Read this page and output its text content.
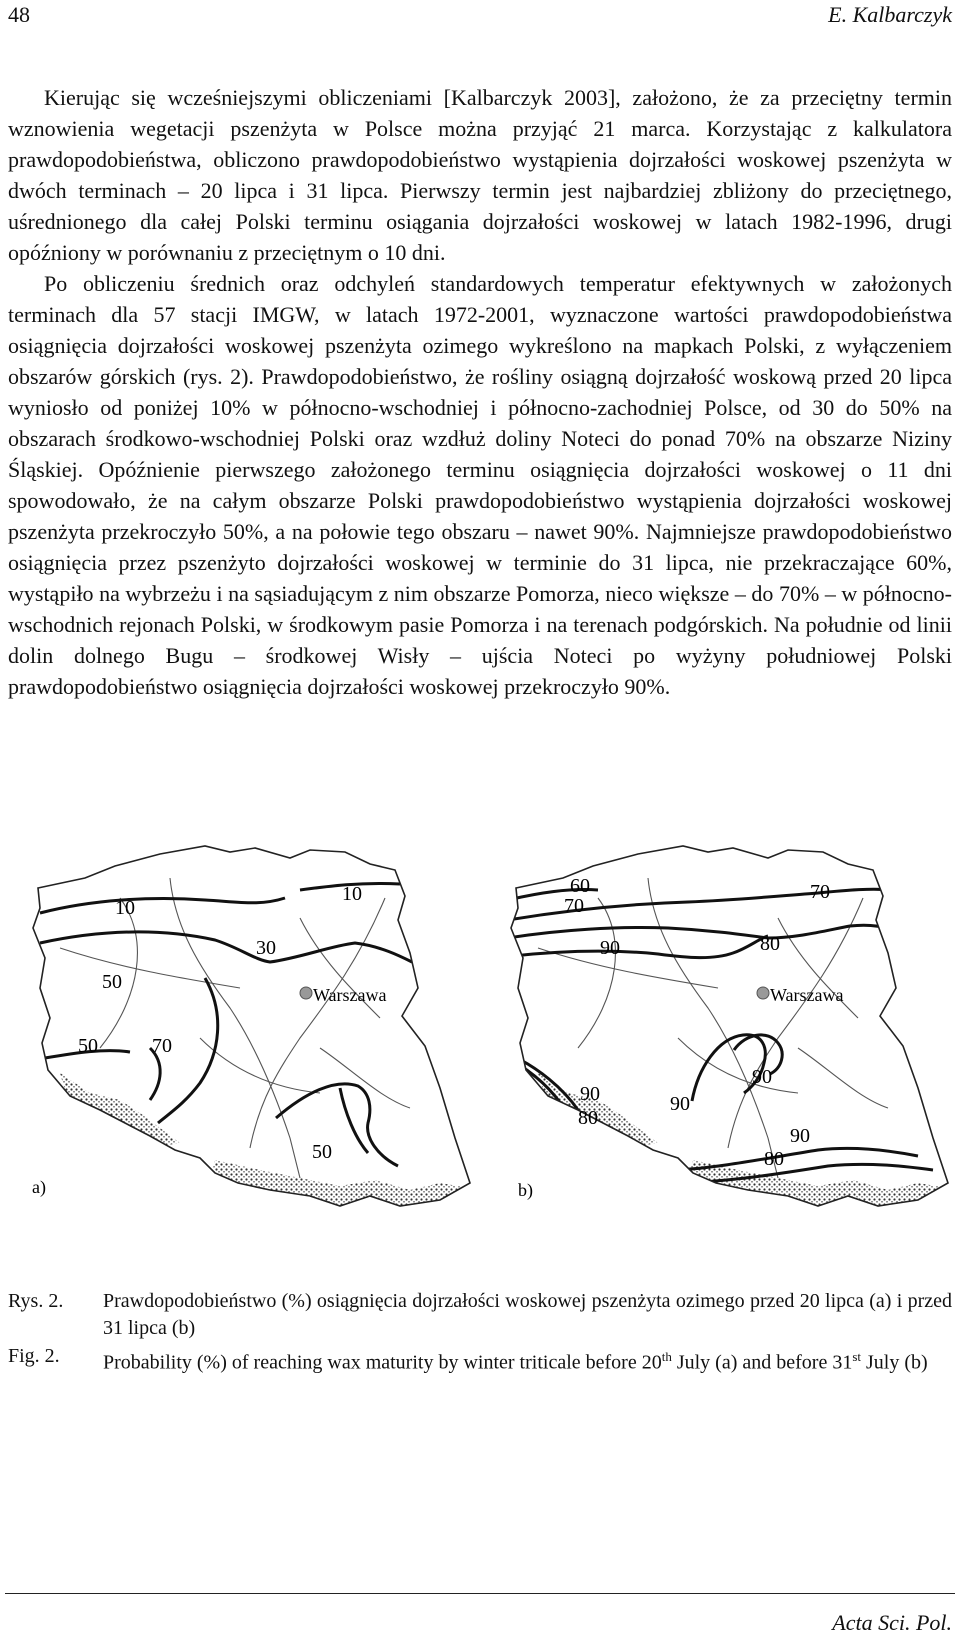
48	E. Kalbarczyk

Kierując się wcześniejszymi obliczeniami [Kalbarczyk 2003], założono, że za przeciętny termin wznowienia wegetacji pszenżyta w Polsce można przyjąć 21 marca. Korzystając z kalkulatora prawdopodobieństwa, obliczono prawdopodobieństwo wystąpienia dojrzałości woskowej pszenżyta w dwóch terminach – 20 lipca i 31 lipca. Pierwszy termin jest najbardziej zbliżony do przeciętnego, uśrednionego dla całej Polski terminu osiągania dojrzałości woskowej w latach 1982-1996, drugi opóźniony w porównaniu z przeciętnym o 10 dni.

Po obliczeniu średnich oraz odchyleń standardowych temperatur efektywnych w założonych terminach dla 57 stacji IMGW, w latach 1972-2001, wyznaczone wartości prawdopodobieństwa osiągnięcia dojrzałości woskowej pszenżyta ozimego wykreślono na mapkach Polski, z wyłączeniem obszarów górskich (rys. 2). Prawdopodobieństwo, że rośliny osiągną dojrzałość woskową przed 20 lipca wyniosło od poniżej 10% w północno-wschodniej i północno-zachodniej Polsce, od 30 do 50% na obszarach środkowo-wschodniej Polski oraz wzdłuż doliny Noteci do ponad 70% na obszarze Niziny Śląskiej. Opóźnienie pierwszego założonego terminu osiągnięcia dojrzałości woskowej o 11 dni spowodowało, że na całym obszarze Polski prawdopodobieństwo wystąpienia dojrzałości woskowej pszenżyta przekroczyło 50%, a na połowie tego obszaru – nawet 90%. Najmniejsze prawdopodobieństwo osiągnięcia przez pszenżyto dojrzałości woskowej w terminie do 31 lipca, nie przekraczające 60%, wystąpiło na wybrzeżu i na sąsiadującym z nim obszarze Pomorza, nieco większe – do 70% – w północno-wschodnich rejonach Polski, w środkowym pasie Pomorza i na terenach podgórskich. Na południe od linii dolin dolnego Bugu – środkowej Wisły – ujścia Noteci po wyżyny południowej Polski prawdopodobieństwo osiągnięcia dojrzałości woskowej przekroczyło 90%.

10
10
30
50
50	70
50
Warszawa
a)
60
70
70
90	80
90
90
90
80
90
80
Warszawa
b)
Rys. 2.	Prawdopodobieństwo (%) osiągnięcia dojrzałości woskowej pszenżyta ozimego przed 20 lipca (a) i przed 31 lipca (b)
Fig. 2.	Probability (%) of reaching wax maturity by winter triticale before 20th July (a) and before 31st July (b)
Acta Sci. Pol.
